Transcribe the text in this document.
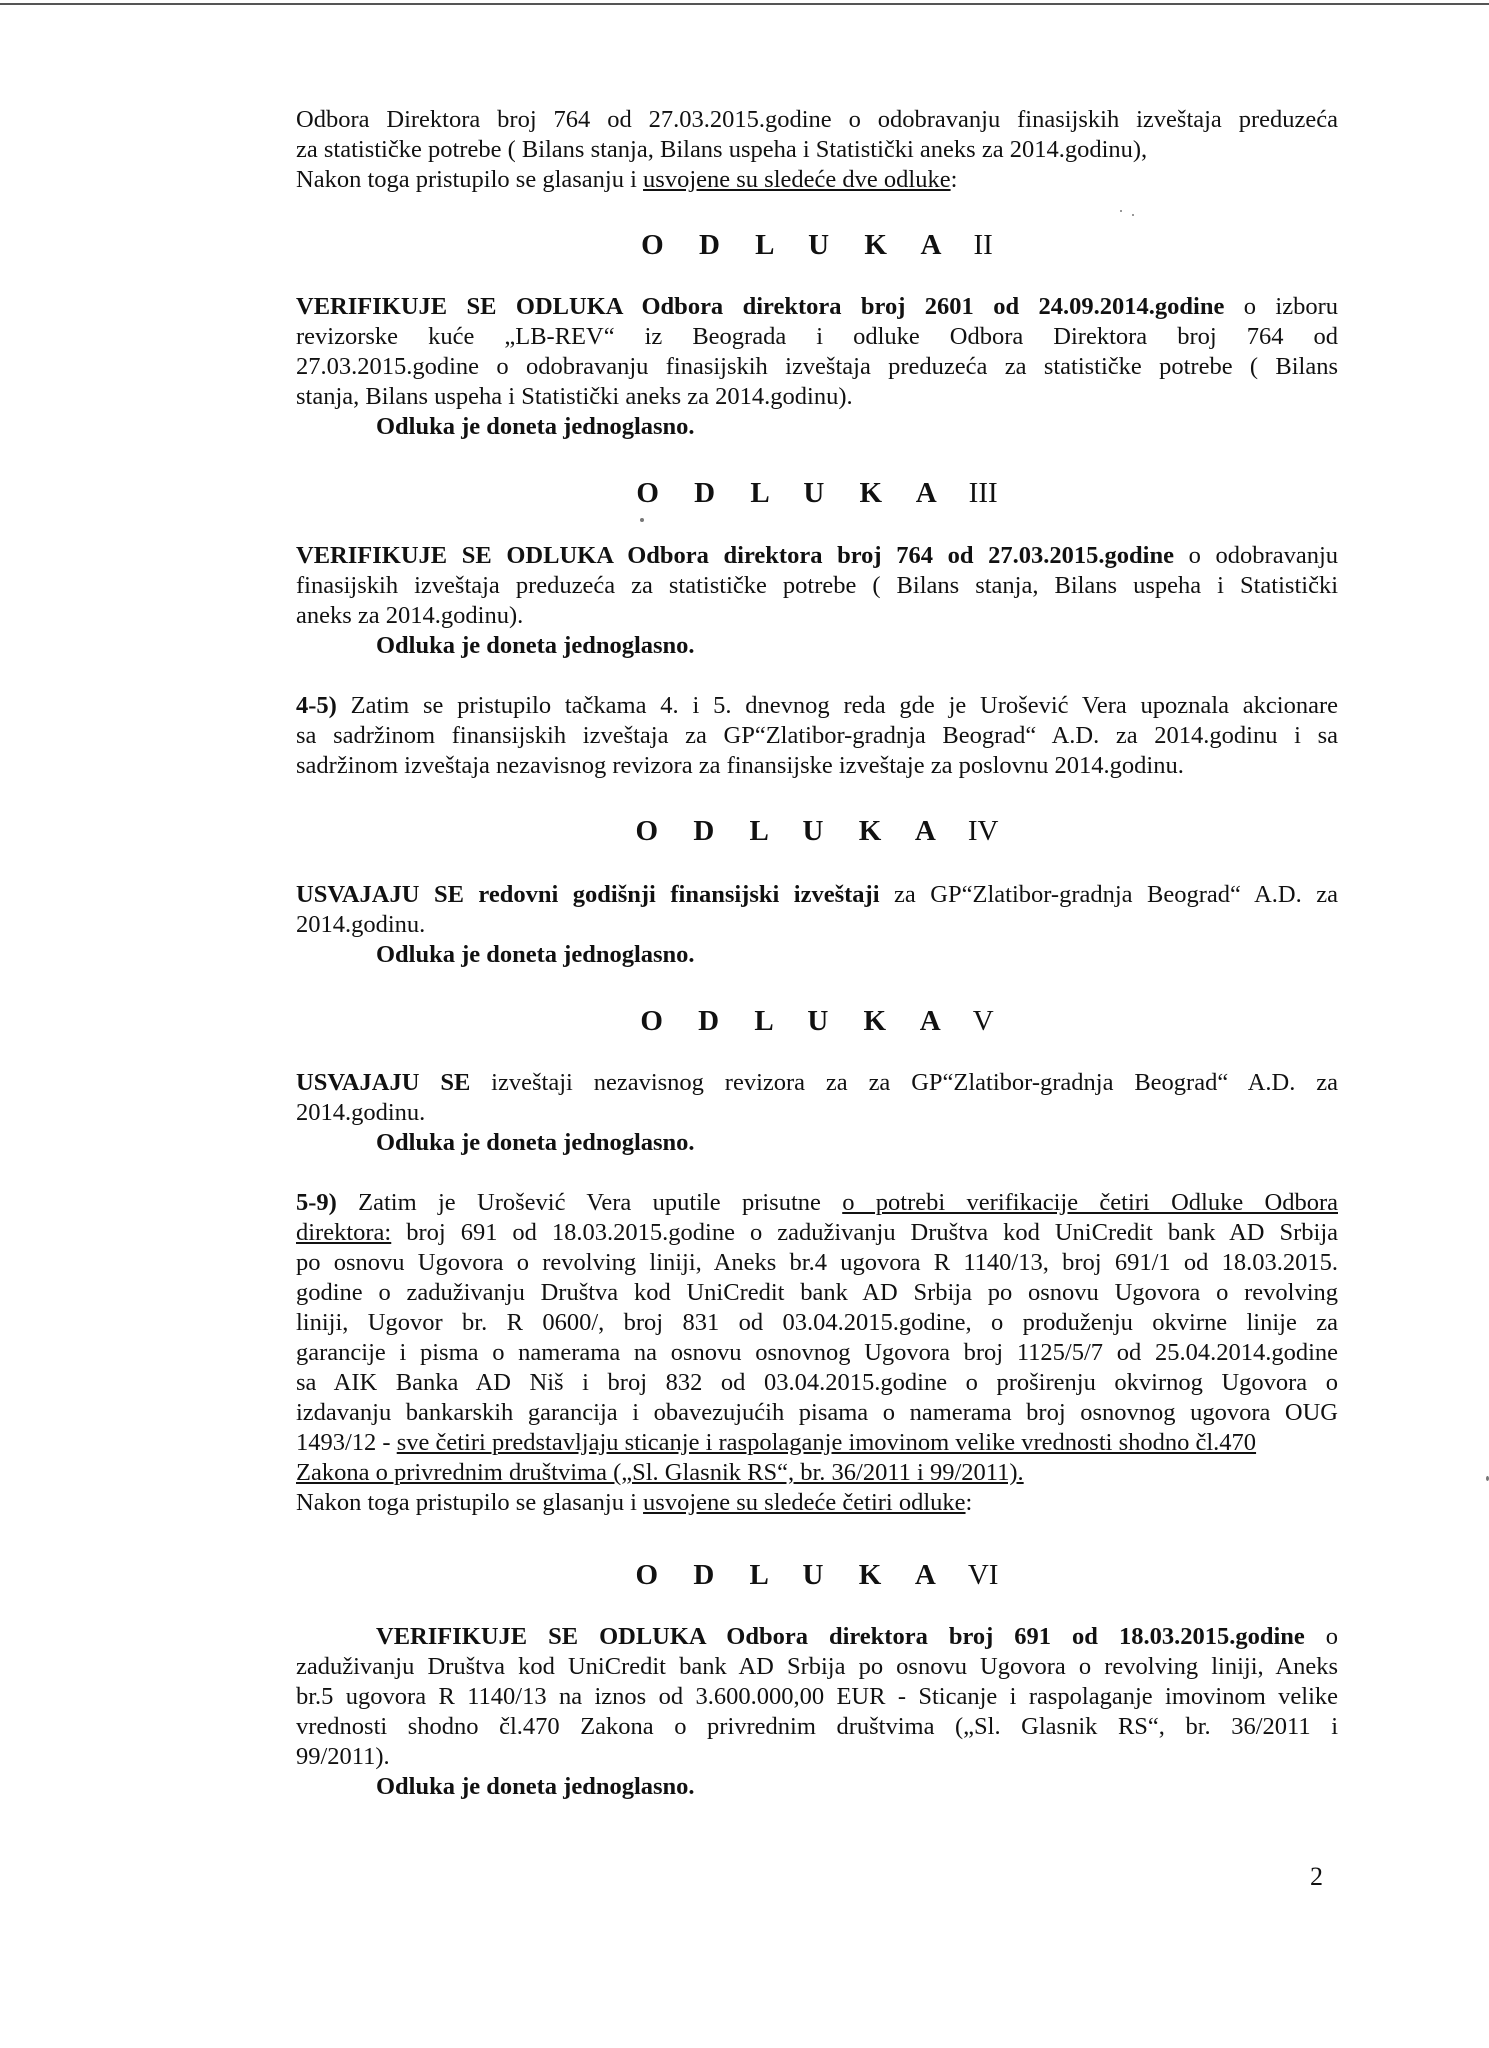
Odbora Direktora broj 764 od 27.03.2015.godine o odobravanju finasijskih izveštaja preduzeća
za statističke potrebe ( Bilans stanja, Bilans uspeha i Statistički aneks za 2014.godinu),
Nakon toga pristupilo se glasanju i usvojene su sledeće dve odluke:
O D L U K A II
VERIFIKUJE SE ODLUKA Odbora direktora broj 2601 od 24.09.2014.godine o izboru
revizorske kuće „LB-REV“ iz Beograda i odluke Odbora Direktora broj 764 od
27.03.2015.godine o odobravanju finasijskih izveštaja preduzeća za statističke potrebe ( Bilans
stanja, Bilans uspeha i Statistički aneks za 2014.godinu).
Odluka je doneta jednoglasno.
O D L U K A III
VERIFIKUJE SE ODLUKA Odbora direktora broj 764 od 27.03.2015.godine o odobravanju
finasijskih izveštaja preduzeća za statističke potrebe ( Bilans stanja, Bilans uspeha i Statistički
aneks za 2014.godinu).
Odluka je doneta jednoglasno.
4-5) Zatim se pristupilo tačkama 4. i 5. dnevnog reda gde je Urošević Vera upoznala akcionare
sa sadržinom finansijskih izveštaja za GP“Zlatibor-gradnja Beograd“ A.D. za 2014.godinu i sa
sadržinom izveštaja nezavisnog revizora za finansijske izveštaje za poslovnu 2014.godinu.
O D L U K A IV
USVAJAJU SE redovni godišnji finansijski izveštaji za GP“Zlatibor-gradnja Beograd“ A.D. za
2014.godinu.
Odluka je doneta jednoglasno.
O D L U K A V
USVAJAJU SE izveštaji nezavisnog revizora za za GP“Zlatibor-gradnja Beograd“ A.D. za
2014.godinu.
Odluka je doneta jednoglasno.
5-9) Zatim je Urošević Vera uputile prisutne o potrebi verifikacije četiri Odluke Odbora
direktora: broj 691 od 18.03.2015.godine o zaduživanju Društva kod UniCredit bank AD Srbija
po osnovu Ugovora o revolving liniji, Aneks br.4 ugovora R 1140/13, broj 691/1 od 18.03.2015.
godine o zaduživanju Društva kod UniCredit bank AD Srbija po osnovu Ugovora o revolving
liniji, Ugovor br. R 0600/, broj 831 od 03.04.2015.godine, o produženju okvirne linije za
garancije i pisma o namerama na osnovu osnovnog Ugovora broj 1125/5/7 od 25.04.2014.godine
sa AIK Banka AD Niš i broj 832 od 03.04.2015.godine o proširenju okvirnog Ugovora o
izdavanju bankarskih garancija i obavezujućih pisama o namerama broj osnovnog ugovora OUG
1493/12 - sve četiri predstavljaju sticanje i raspolaganje imovinom velike vrednosti shodno čl.470
Zakona o privrednim društvima („Sl. Glasnik RS“, br. 36/2011 i 99/2011).
Nakon toga pristupilo se glasanju i usvojene su sledeće četiri odluke:
O D L U K A VI
VERIFIKUJE SE ODLUKA Odbora direktora broj 691 od 18.03.2015.godine o
zaduživanju Društva kod UniCredit bank AD Srbija po osnovu Ugovora o revolving liniji, Aneks
br.5 ugovora R 1140/13 na iznos od 3.600.000,00 EUR - Sticanje i raspolaganje imovinom velike
vrednosti shodno čl.470 Zakona o privrednim društvima („Sl. Glasnik RS“, br. 36/2011 i
99/2011).
Odluka je doneta jednoglasno.
2
